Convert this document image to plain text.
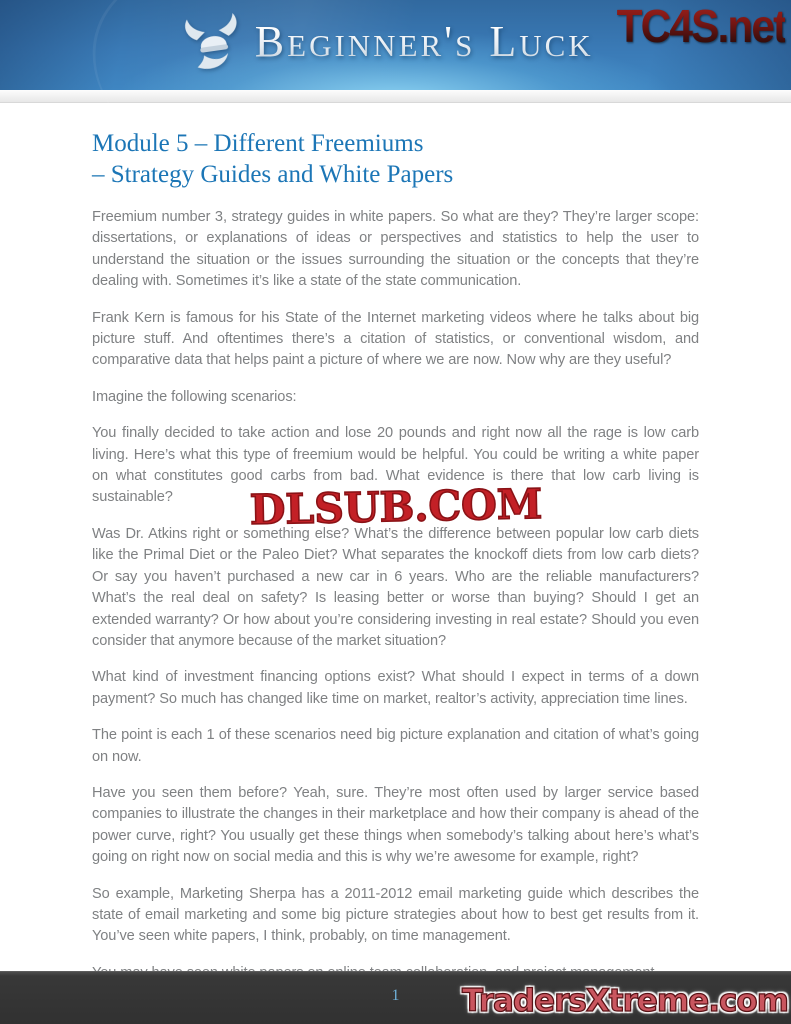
Beginner's Luck TC4S.net
Module 5 – Different Freemiums
– Strategy Guides and White Papers

Freemium number 3, strategy guides in white papers. So what are they? They’re larger scope: dissertations, or explanations of ideas or perspectives and statistics to help the user to understand the situation or the issues surrounding the situation or the concepts that they’re dealing with. Sometimes it’s like a state of the state communication.

Frank Kern is famous for his State of the Internet marketing videos where he talks about big picture stuff. And oftentimes there’s a citation of statistics, or conventional wisdom, and comparative data that helps paint a picture of where we are now. Now why are they useful?

Imagine the following scenarios:

You finally decided to take action and lose 20 pounds and right now all the rage is low carb living. Here’s what this type of freemium would be helpful. You could be writing a white paper on what constitutes good carbs from bad. What evidence is there that low carb living is sustainable?

Was Dr. Atkins right or something else? What’s the difference between popular low carb diets like the Primal Diet or the Paleo Diet? What separates the knockoff diets from low carb diets? Or say you haven’t purchased a new car in 6 years. Who are the reliable manufacturers? What’s the real deal on safety? Is leasing better or worse than buying? Should I get an extended warranty? Or how about you’re considering investing in real estate? Should you even consider that anymore because of the market situation?

What kind of investment financing options exist? What should I expect in terms of a down payment? So much has changed like time on market, realtor’s activity, appreciation time lines.

The point is each 1 of these scenarios need big picture explanation and citation of what’s going on now.

Have you seen them before? Yeah, sure. They’re most often used by larger service based companies to illustrate the changes in their marketplace and how their company is ahead of the power curve, right? You usually get these things when somebody’s talking about here’s what’s going on right now on social media and this is why we’re awesome for example, right?

So example, Marketing Sherpa has a 2011-2012 email marketing guide which describes the state of email marketing and some big picture strategies about how to best get results from it. You’ve seen white papers, I think, probably, on time management.

DLSUB.COM
1	TradersXtreme.com
